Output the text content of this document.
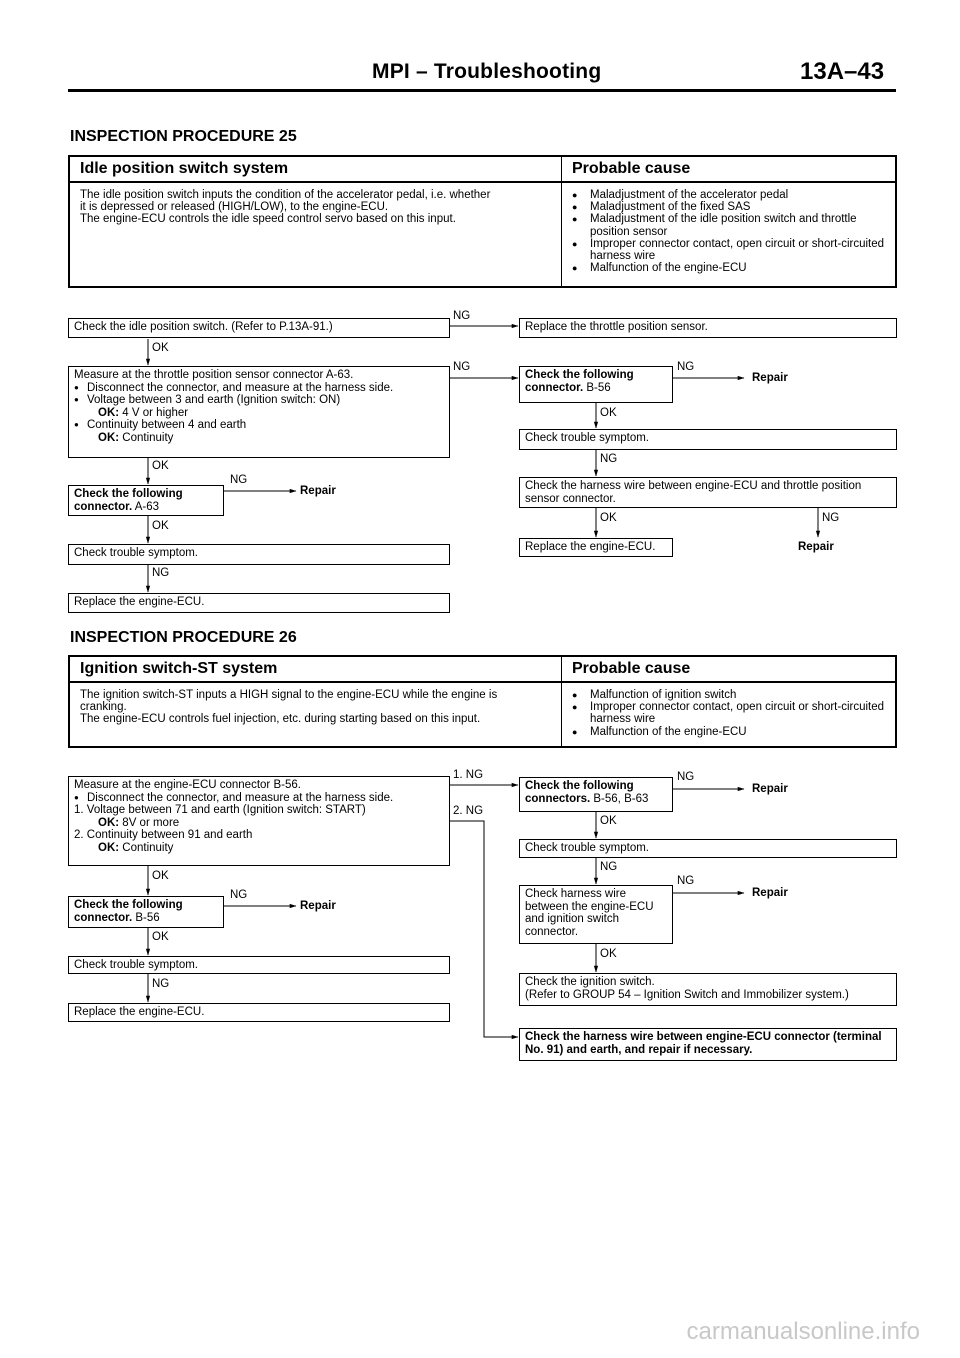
MPI – Troubleshooting	13A–43
INSPECTION PROCEDURE 25
Idle position switch system	Probable cause
The idle position switch inputs the condition of the accelerator pedal, i.e. whether
it is depressed or released (HIGH/LOW), to the engine-ECU.
The engine-ECU controls the idle speed control servo based on this input.
● Maladjustment of the accelerator pedal
● Maladjustment of the fixed SAS
● Maladjustment of the idle position switch and throttle position sensor
● Improper connector contact, open circuit or short-circuited harness wire
● Malfunction of the engine-ECU
Check the idle position switch. (Refer to P.13A-91.)	Replace the throttle position sensor.
Measure at the throttle position sensor connector A-63.
● Disconnect the connector, and measure at the harness side.
● Voltage between 3 and earth (Ignition switch: ON)
OK: 4 V or higher
● Continuity between 4 and earth
OK: Continuity
Check the following connector. B-56
Check trouble symptom.
Check the harness wire between engine-ECU and throttle position sensor connector.
Replace the engine-ECU.
Check the following connector. A-63
Check trouble symptom.
Replace the engine-ECU.
NG
OK
NG	NG
Repair
OK
NG
OK
NG
Repair
OK	NG
OK
Repair
NG
INSPECTION PROCEDURE 26
Ignition switch-ST system	Probable cause
The ignition switch-ST inputs a HIGH signal to the engine-ECU while the engine is
cranking.
The engine-ECU controls fuel injection, etc. during starting based on this input.
● Malfunction of ignition switch
● Improper connector contact, open circuit or short-circuited harness wire
● Malfunction of the engine-ECU
Measure at the engine-ECU connector B-56.
● Disconnect the connector, and measure at the harness side.
1. Voltage between 71 and earth (Ignition switch: START)
OK: 8V or more
2. Continuity between 91 and earth
OK: Continuity
Check the following connectors. B-56, B-63
Check trouble symptom.
Check harness wire between the engine-ECU and ignition switch connector.
Check the ignition switch.
(Refer to GROUP 54 – Ignition Switch and Immobilizer system.)
Check the harness wire between engine-ECU connector (terminal No. 91) and earth, and repair if necessary.
Check the following connector. B-56
Check trouble symptom.
Replace the engine-ECU.
1. NG
2. NG
NG
Repair
OK
NG
OK	NG
Repair
NG
Repair
OK
OK
NG
carmanualsonline.info
